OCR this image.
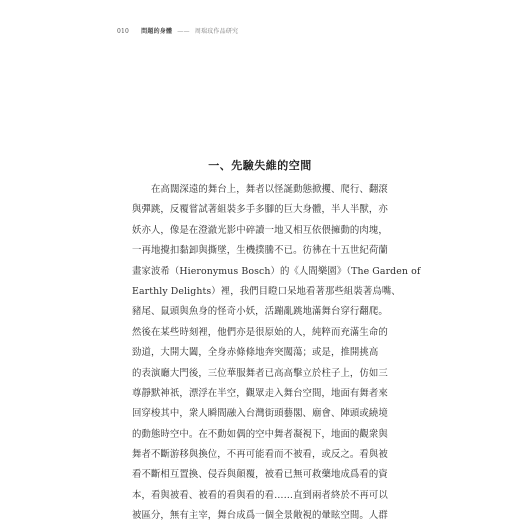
010 問題的身體 —— 周瑞玟作品研究
一、先驗失維的空間
在高闊深遠的舞台上，舞者以怪誕動態掀攫、爬行、翻滾
與彈跳，反覆嘗試著組裝多手多腳的巨大身體，半人半獸，亦
妖亦人，像是在澄澈光影中碎讀一地又相互依偎擁動的肉塊，
一再地攪扣黏卸與撕墜，生機撲騰不已。彷彿在十五世紀荷蘭
畫家波希（Hieronymus Bosch）的《人間樂園》（The Garden of
Earthly Delights）裡，我們目瞪口呆地看著那些組裝著烏嘴、
豬尾、鼠頭與魚身的怪奇小妖，活蹦亂跳地滿舞台穿行翻爬。
然後在某些時刻裡，他們亦是很原始的人，純粹而充滿生命的
勁道，大開大闔，全身赤條條地奔突闖蕩；或是，推開挑高
的表演廳大門後，三位華服舞者已高高擊立於柱子上，仿如三
尊靜默神祇，漂浮在半空，觀眾走入舞台空間，地面有舞者來
回穿梭其中，衆人瞬間融入台灣街頭藝閣、廟會、陣頭或繞境
的動態時空中。在不動如偶的空中舞者凝視下，地面的觀衆與
舞者不斷游移與換位，不再可能看而不被看，或反之。看與被
看不斷相互置換、侵吞與顛覆，被看已無可救藥地成爲看的資
本，看與被看、被看的看與看的看……直到兩者終於不再可以
被區分，無有主宰，舞台成爲一個全景敞視的暈眩空間。人群
